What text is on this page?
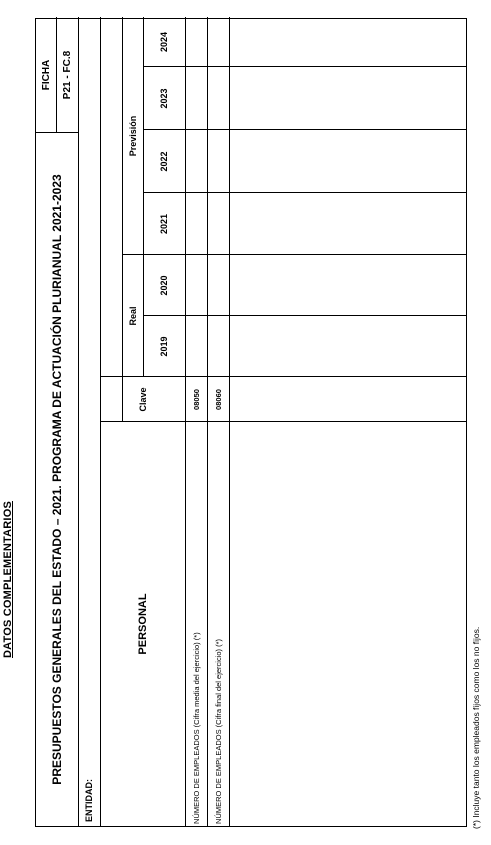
DATOS COMPLEMENTARIOS	PRESUPUESTOS GENERALES DEL ESTADO – 2021. PROGRAMA DE ACTUACIÓN PLURIANUAL 2021-2023
FICHA	P21 - FC.8
ENTIDAD:
PERSONAL
Clave
Real
Previsión
2019
2020
2021
2022
2023
2024
NÚMERO DE EMPLEADOS (Cifra media del ejercicio) (*)
08050
NÚMERO DE EMPLEADOS (Cifra final del ejercicio) (*)
08060
(*) Incluye tanto los empleados fijos como los no fijos.
